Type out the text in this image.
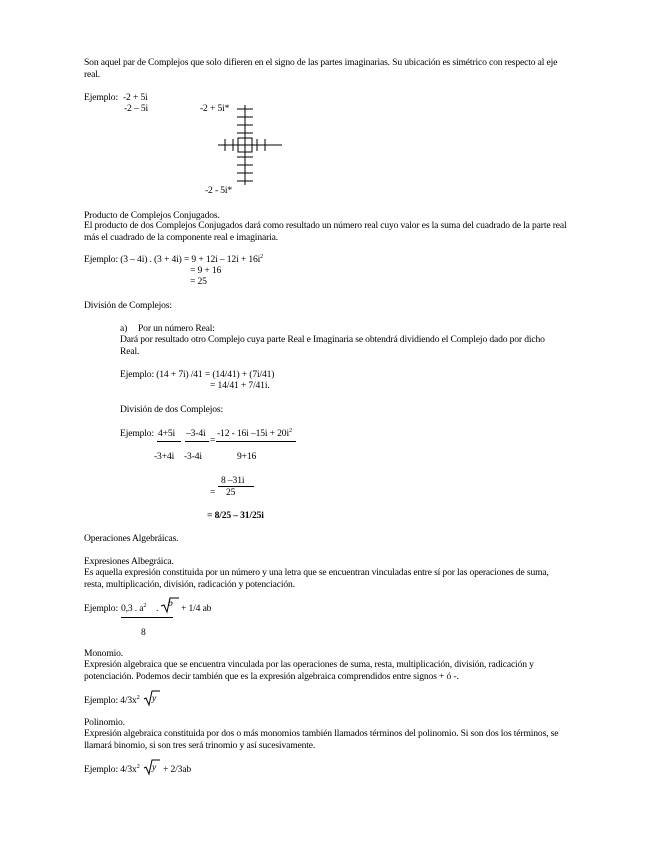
Son aquel par de Complejos que solo difieren en el signo de las partes imaginarias. Su ubicación es simétrico con respecto al eje real.
Ejemplo: -2 + 5i
-2 – 5i	-2 + 5i*
-2 - 5i*
Producto de Complejos Conjugados.
El producto de dos Complejos Conjugados dará como resultado un número real cuyo valor es la suma del cuadrado de la parte real más el cuadrado de la componente real e imaginaria.
Ejemplo: (3 – 4i) . $(3 + 4i) = 9 + 12i - 12i + 16i^2$
= 9 + 16
= 25
División de Complejos:
a) Por un número Real:
Dará por resultado otro Complejo cuya parte Real e Imaginaria se obtendrá dividiendo el Complejo dado por dicho Real.
Ejemplo: (14 + 7i) /41 = (14/41) + (7i/41)
= 14/41 + 7/41i.
División de dos Complejos:
Ejemplo: 4+5i
-3+4i
–3-4i
-3-4i
=
-12 - 16i $-15i + 20i^2$
9+16
8 –31i
= 25
= 8/25 – 31/25i
Operaciones Algebráicas.
Expresiones Albegráica.
Es aquella expresión constituida por un número y una letra que se encuentran vinculadas entre sí por las operaciones de suma, resta, multiplicación, división, radicación y potenciación.
Ejemplo: 0,3 . $a^2$ . b + 1/4 ab
8
Monomio.
Expresión algebraica que se encuentra vinculada por las operaciones de suma, resta, multiplicación, división, radicación y potenciación. Podemos decir también que es la expresión algebraica comprendidos entre signos + ó -.
Ejemplo: $4/3x^2$ y
Polinomio.
Expresión algebraica constituida por dos o más monomios también llamados términos del polinomio. Si son dos los términos, se llamará binomio, si son tres será trinomio y así sucesivamente.
Ejemplo: $4/3x^2$ y + 2/3ab
